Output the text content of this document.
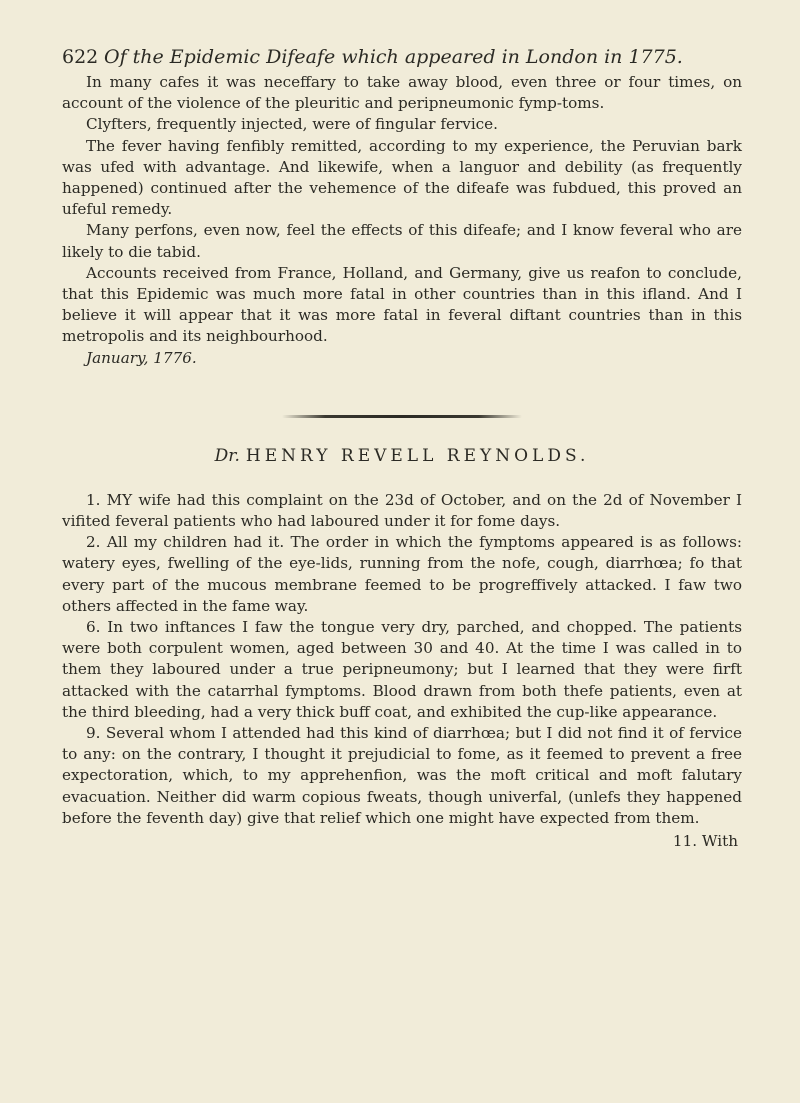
622 Of the Epidemic Difeafe which appeared in London in 1775.

In many cafes it was neceffary to take away blood, even three or four times, on account of the violence of the pleuritic and peripneumonic fymp-toms.

Clyfters, frequently injected, were of fingular fervice.

The fever having fenfibly remitted, according to my experience, the Peruvian bark was ufed with advantage. And likewife, when a languor and debility (as frequently happened) continued after the vehemence of the difeafe was fubdued, this proved an ufeful remedy.

Many perfons, even now, feel the effects of this difeafe; and I know feveral who are likely to die tabid.

Accounts received from France, Holland, and Germany, give us reafon to conclude, that this Epidemic was much more fatal in other countries than in this ifland. And I believe it will appear that it was more fatal in feveral diftant countries than in this metropolis and its neighbourhood.

January, 1776.

Dr. HENRY REVELL REYNOLDS.

1. MY wife had this complaint on the 23d of October, and on the 2d of November I vifited feveral patients who had laboured under it for fome days.

2. All my children had it. The order in which the fymptoms appeared is as follows: watery eyes, fwelling of the eye-lids, running from the nofe, cough, diarrhœa; fo that every part of the mucous membrane feemed to be progreffively attacked. I faw two others affected in the fame way.

6. In two inftances I faw the tongue very dry, parched, and chopped. The patients were both corpulent women, aged between 30 and 40. At the time I was called in to them they laboured under a true peripneumony; but I learned that they were firft attacked with the catarrhal fymptoms. Blood drawn from both thefe patients, even at the third bleeding, had a very thick buff coat, and exhibited the cup-like appearance.

9. Several whom I attended had this kind of diarrhœa; but I did not find it of fervice to any: on the contrary, I thought it prejudicial to fome, as it feemed to prevent a free expectoration, which, to my apprehenfion, was the moft critical and moft falutary evacuation. Neither did warm copious fweats, though univerfal, (unlefs they happened before the feventh day) give that relief which one might have expected from them.

11. With
